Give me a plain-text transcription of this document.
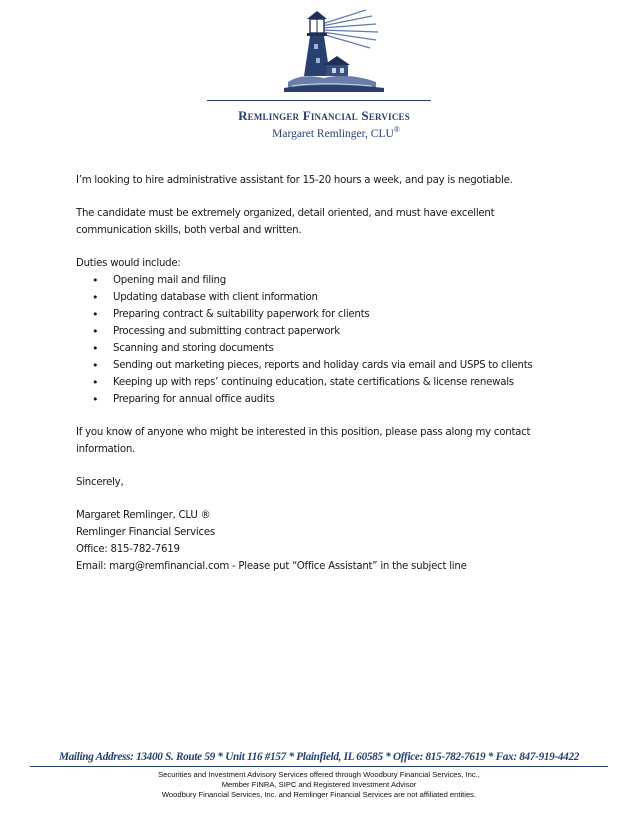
Remlinger Financial Services
Margaret Remlinger, CLU®

I’m looking to hire administrative assistant for 15-20 hours a week, and pay is negotiable.

The candidate must be extremely organized, detail oriented, and must have excellent communication skills, both verbal and written.

Duties would include:

• Opening mail and filing
• Updating database with client information
• Preparing contract & suitability paperwork for clients
• Processing and submitting contract paperwork
• Scanning and storing documents
• Sending out marketing pieces, reports and holiday cards via email and USPS to clients
• Keeping up with reps’ continuing education, state certifications & license renewals
• Preparing for annual office audits

If you know of anyone who might be interested in this position, please pass along my contact information.

Sincerely,

Margaret Remlinger, CLU ®

Remlinger Financial Services

Office: 815-782-7619

Email: marg@remfinancial.com - Please put “Office Assistant” in the subject line

Mailing Address: 13400 S. Route 59 * Unit 116 #157 * Plainfield, IL 60585 * Office: 815-782-7619 * Fax: 847-919-4422
Securities and Investment Advisory Services offered through Woodbury Financial Services, Inc.,
Member FINRA, SIPC and Registered Investment Advisor
Woodbury Financial Services, Inc. and Remlinger Financial Services are not affiliated entities.
